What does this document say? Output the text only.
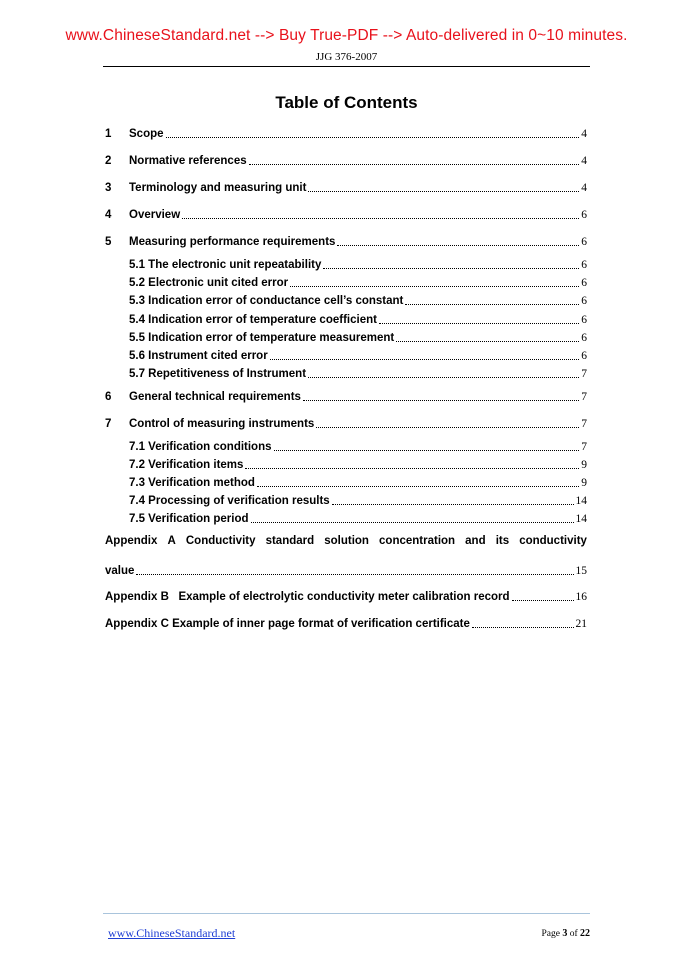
www.ChineseStandard.net --> Buy True-PDF --> Auto-delivered in 0~10 minutes.
JJG 376-2007
Table of Contents
1 Scope	4
2 Normative references	4
3 Terminology and measuring unit	4
4 Overview	6
5 Measuring performance requirements	6
5.1 The electronic unit repeatability	6
5.2 Electronic unit cited error	6
5.3 Indication error of conductance cell’s constant	6
5.4 Indication error of temperature coefficient	6
5.5 Indication error of temperature measurement	6
5.6 Instrument cited error	6
5.7 Repetitiveness of Instrument	7
6 General technical requirements	7
7 Control of measuring instruments	7
7.1 Verification conditions	7
7.2 Verification items	9
7.3 Verification method	9
7.4 Processing of verification results	14
7.5 Verification period	14
Appendix A Conductivity standard solution concentration and its conductivity
value	15
Appendix B   Example of electrolytic conductivity meter calibration record	16
Appendix C Example of inner page format of verification certificate	21
www.ChineseStandard.net	Page 3 of 22
